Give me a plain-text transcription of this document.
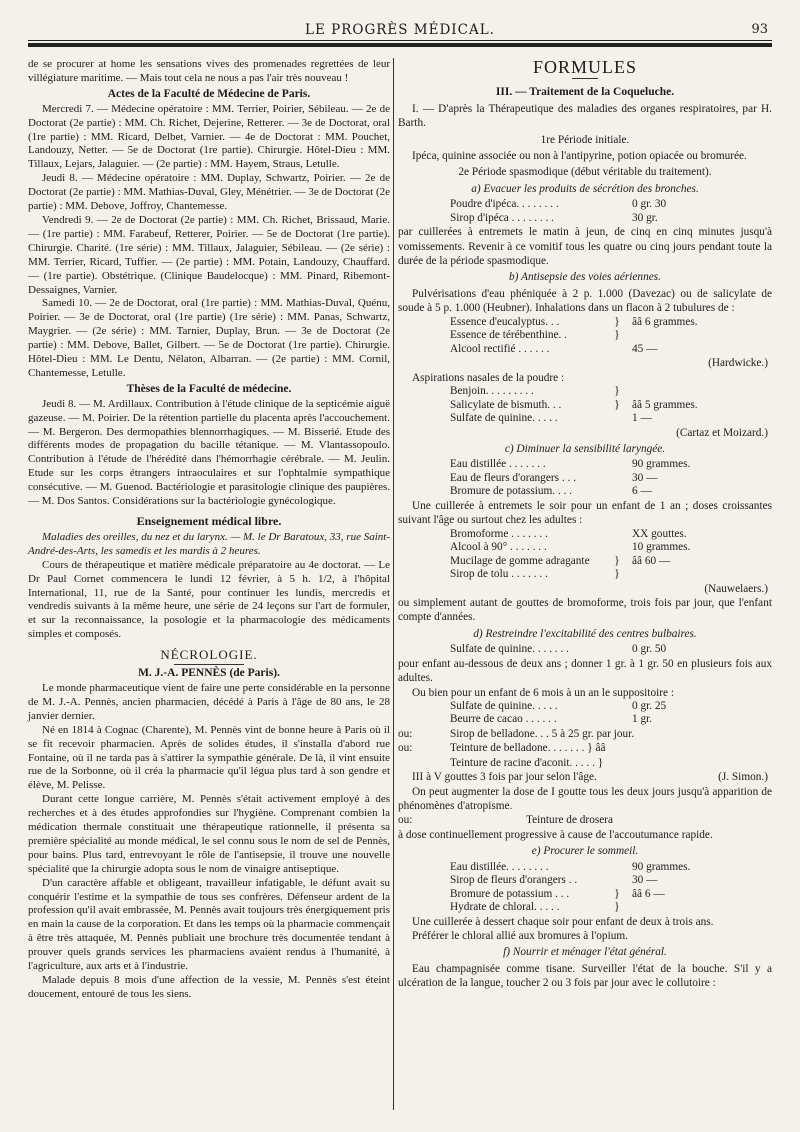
LE PROGRÈS MÉDICAL.	93

de se procurer at home les sensations vives des promenades regrettées de leur villégiature maritime. — Mais tout cela ne nous a pas l'air très nouveau !

Actes de la Faculté de Médecine de Paris.

Mercredi 7. — Médecine opératoire : MM. Terrier, Poirier, Sébileau. — 2e de Doctorat (2e partie) : MM. Ch. Richet, Dejerine, Retterer. — 3e de Doctorat, oral (1re partie) : MM. Ricard, Delbet, Varnier. — 4e de Doctorat : MM. Pouchet, Landouzy, Netter. — 5e de Doctorat (1re partie). Chirurgie. Hôtel-Dieu : MM. Tillaux, Lejars, Jalaguier. — (2e partie) : MM. Hayem, Straus, Letulle.

Jeudi 8. — Médecine opératoire : MM. Duplay, Schwartz, Poirier. — 2e de Doctorat (2e partie) : MM. Mathias-Duval, Gley, Ménétrier. — 3e de Doctorat (2e partie) : MM. Debove, Joffroy, Chantemesse.

Vendredi 9. — 2e de Doctorat (2e partie) : MM. Ch. Richet, Brissaud, Marie. — (1re partie) : MM. Farabeuf, Retterer, Poirier. — 5e de Doctorat (1re partie). Chirurgie. Charité. (1re série) : MM. Tillaux, Jalaguier, Sébileau. — (2e série) : MM. Terrier, Ricard, Tuffier. — (2e partie) : MM. Potain, Landouzy, Chauffard. — (1re partie). Obstétrique. (Clinique Baudelocque) : MM. Pinard, Ribemont-Dessaignes, Varnier.

Samedi 10. — 2e de Doctorat, oral (1re partie) : MM. Mathias-Duval, Quénu, Poirier. — 3e de Doctorat, oral (1re partie) (1re série) : MM. Panas, Schwartz, Maygrier. — (2e série) : MM. Tarnier, Duplay, Brun. — 3e de Doctorat (2e partie) : MM. Debove, Ballet, Gilbert. — 5e de Doctorat (1re partie). Chirurgie. Hôtel-Dieu : MM. Le Dentu, Nélaton, Albarran. — (2e partie) : MM. Cornil, Chantemesse, Letulle.

Thèses de la Faculté de médecine.

Jeudi 8. — M. Ardillaux. Contribution à l'étude clinique de la septicémie aiguë gazeuse. — M. Poirier. De la rétention partielle du placenta après l'accouchement. — M. Bergeron. Des dermopathies blennorrhagiques. — M. Bisserié. Etude des différents modes de propagation du bacille tétanique. — M. Vlantassopoulo. Contribution à l'étude de l'hérédité dans l'hémorrhagie cérébrale. — M. Jeulin. Etude sur les corps étrangers intraoculaires et sur l'ophtalmie sympathique consécutive. — M. Guenod. Bactériologie et parasitologie clinique des paupières. — M. Dos Santos. Considérations sur la bactériologie gynécologique.

Enseignement médical libre.

Maladies des oreilles, du nez et du larynx. — M. le Dr Baratoux, 33, rue Saint-André-des-Arts, les samedis et les mardis à 2 heures.

Cours de thérapeutique et matière médicale préparatoire au 4e doctorat. — Le Dr Paul Cornet commencera le lundi 12 février, à 5 h. 1/2, à l'hôpital International, 11, rue de la Santé, pour continuer les lundis, mercredis et vendredis suivants à la même heure, une série de 24 leçons sur l'art de formuler, et sur la reconnaissance, la posologie et la pharmacologie des médicaments simples et composés.

NÉCROLOGIE.
M. J.-A. PENNÈS (de Paris).

Le monde pharmaceutique vient de faire une perte considérable en la personne de M. J.-A. Pennès, ancien pharmacien, décédé à Paris à l'âge de 80 ans, le 28 janvier dernier.

Né en 1814 à Cognac (Charente), M. Pennès vint de bonne heure à Paris où il se fit recevoir pharmacien. Après de solides études, il s'installa d'abord rue Fontaine, où il ne tarda pas à s'attirer la sympathie générale. De là, il vint ensuite rue de la Sorbonne, où il créa la pharmacie qu'il légua plus tard à son gendre et élève, M. Pelisse.

Durant cette longue carrière, M. Pennès s'était activement employé à des recherches et à des études approfondies sur l'hygiène. Comprenant combien la médication thermale constituait une thérapeutique rationnelle, il présenta sa première spécialité au monde médical, le sel connu sous le nom de sel de Pennès, pour bains. Plus tard, entrevoyant le rôle de l'antisepsie, il trouve une nouvelle spécialité que la chirurgie adopta sous le nom de vinaigre antiseptique.

D'un caractère affable et obligeant, travailleur infatigable, le défunt avait su conquérir l'estime et la sympathie de tous ses confrères. Défenseur ardent de la profession qu'il avait embrassée, M. Pennès avait toujours très énergiquement pris en main la cause de la corporation. Et dans les temps où la pharmacie commençait à être très attaquée, M. Pennès publiait une brochure très documentée tendant à prouver quels grands services les pharmaciens avaient rendus à l'humanité, à l'agriculture, aux arts et à l'industrie.

Malade depuis 8 mois d'une affection de la vessie, M. Pennès s'est éteint doucement, entouré de tous les siens.

FORMULES
III. — Traitement de la Coqueluche.

I. — D'après la Thérapeutique des maladies des organes respiratoires, par H. Barth.

1re Période initiale.

Ipéca, quinine associée ou non à l'antipyrine, potion opiacée ou bromurée.

2e Période spasmodique (début véritable du traitement).
a) Evacuer les produits de sécrétion des bronches.
Poudre d'ipéca. . . . . . . .	0 gr. 30
Sirop d'ipéca . . . . . . . .	30 gr.

par cuillerées à entremets le matin à jeun, de cinq en cinq minutes jusqu'à vomissements. Revenir à ce vomitif tous les quatre ou cinq jours pendant toute la durée de la période spasmodique.

b) Antisepsie des voies aériennes.

Pulvérisations d'eau phéniquée à 2 p. 1.000 (Davezac) ou de salicylate de soude à 5 p. 1.000 (Heubner). Inhalations dans un flacon à 2 tubulures de :

Essence d'eucalyptus. . .	}	ââ 6 grammes.
Essence de térébenthine. .	}
Alcool rectifié . . . . . .	45 —
(Hardwicke.)

Aspirations nasales de la poudre :

Benjoin. . . . . . . . .	}
Salicylate de bismuth. . .	}	ââ 5 grammes.
Sulfate de quinine. . . . .	1 —
(Cartaz et Moizard.)
c) Diminuer la sensibilité laryngée.
Eau distillée . . . . . . .	90 grammes.
Eau de fleurs d'orangers . . .	30 —
Bromure de potassium. . . .	6 —

Une cuillerée à entremets le soir pour un enfant de 1 an ; doses croissantes suivant l'âge ou surtout chez les adultes :

Bromoforme . . . . . . .	XX gouttes.
Alcool à 90° . . . . . . .	10 grammes.
Mucilage de gomme adragante	}	ââ 60 —
Sirop de tolu . . . . . . .	}
(Nauwelaers.)

ou simplement autant de gouttes de bromoforme, trois fois par jour, que l'enfant compte d'années.

d) Restreindre l'excitabilité des centres bulbaires.
Sulfate de quinine. . . . . . .	0 gr. 50

pour enfant au-dessous de deux ans ; donner 1 gr. à 1 gr. 50 en plusieurs fois aux adultes.

Ou bien pour un enfant de 6 mois à un an le suppositoire :

Sulfate de quinine. . . . .	0 gr. 25
Beurre de cacao . . . . . .	1 gr.
ou:	Sirop de belladone. . . 5 à 25 gr. par jour.
ou:	Teinture de belladone. . . . . . . } ââ
Teinture de racine d'aconit. . . . . }
III à V gouttes 3 fois par jour selon l'âge.	(J. Simon.)

On peut augmenter la dose de I goutte tous les deux jours jusqu'à apparition de phénomènes d'atropisme.

ou:	Teinture de drosera

à dose continuellement progressive à cause de l'accoutumance rapide.

e) Procurer le sommeil.
Eau distillée. . . . . . . .	90 grammes.
Sirop de fleurs d'orangers . .	30 —
Bromure de potassium . . .	}	ââ 6 —
Hydrate de chloral. . . . .	}

Une cuillerée à dessert chaque soir pour enfant de deux à trois ans.

Préférer le chloral allié aux bromures à l'opium.

f) Nourrir et ménager l'état général.

Eau champagnisée comme tisane. Surveiller l'état de la bouche. S'il y a ulcération de la langue, toucher 2 ou 3 fois par jour avec le collutoire :
